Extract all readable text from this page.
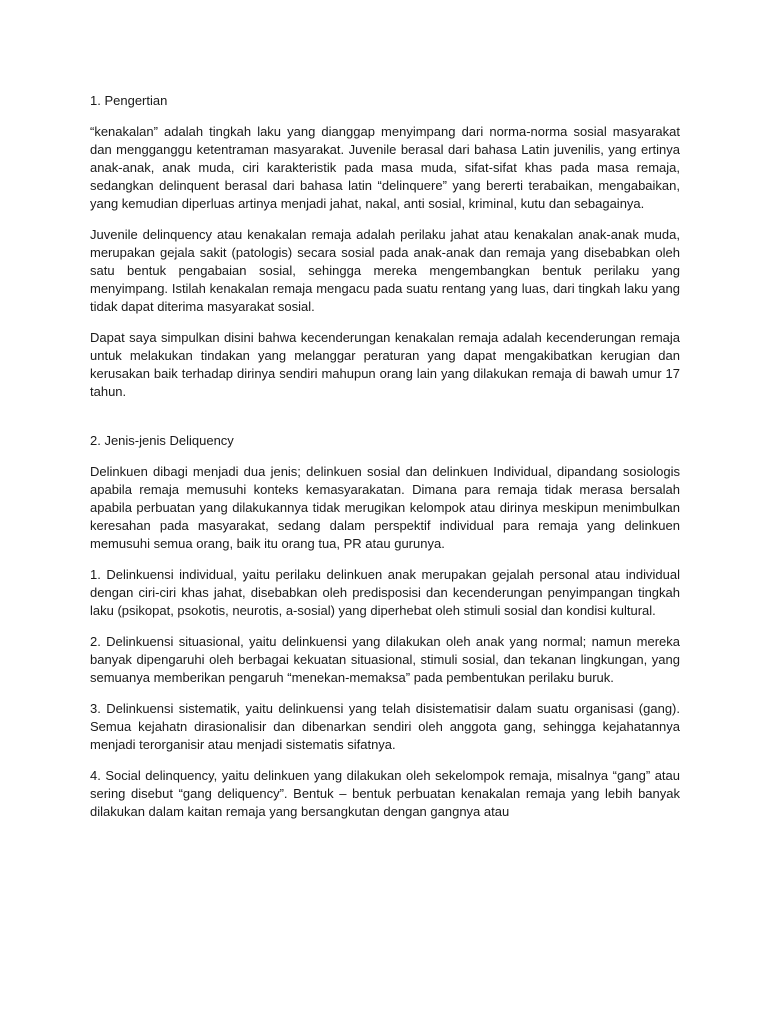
1. Pengertian

“kenakalan” adalah tingkah laku yang dianggap menyimpang dari norma-norma sosial masyarakat dan mengganggu ketentraman masyarakat. Juvenile berasal dari bahasa Latin juvenilis, yang ertinya anak-anak, anak muda, ciri karakteristik pada masa muda, sifat-sifat khas pada masa remaja, sedangkan delinquent berasal dari bahasa latin “delinquere” yang bererti terabaikan, mengabaikan, yang kemudian diperluas artinya menjadi jahat, nakal, anti sosial, kriminal, kutu dan sebagainya.

Juvenile delinquency atau kenakalan remaja adalah perilaku jahat atau kenakalan anak-anak muda, merupakan gejala sakit (patologis) secara sosial pada anak-anak dan remaja yang disebabkan oleh satu bentuk pengabaian sosial, sehingga mereka mengembangkan bentuk perilaku yang menyimpang. Istilah kenakalan remaja mengacu pada suatu rentang yang luas, dari tingkah laku yang tidak dapat diterima masyarakat sosial.

Dapat saya simpulkan disini bahwa kecenderungan kenakalan remaja adalah kecenderungan remaja untuk melakukan tindakan yang melanggar peraturan yang dapat mengakibatkan kerugian dan kerusakan baik terhadap dirinya sendiri mahupun orang lain yang dilakukan remaja di bawah umur 17 tahun.

2. Jenis-jenis Deliquency

Delinkuen dibagi menjadi dua jenis; delinkuen sosial dan delinkuen Individual, dipandang sosiologis apabila remaja memusuhi konteks kemasyarakatan. Dimana para remaja tidak merasa bersalah apabila perbuatan yang dilakukannya tidak merugikan kelompok atau dirinya meskipun menimbulkan keresahan pada masyarakat, sedang dalam perspektif individual para remaja yang delinkuen memusuhi semua orang, baik itu orang tua, PR atau gurunya.

1. Delinkuensi individual, yaitu perilaku delinkuen anak merupakan gejalah personal atau individual dengan ciri-ciri khas jahat, disebabkan oleh predisposisi dan kecenderungan penyimpangan tingkah laku (psikopat, psokotis, neurotis, a-sosial) yang diperhebat oleh stimuli sosial dan kondisi kultural.

2. Delinkuensi situasional, yaitu delinkuensi yang dilakukan oleh anak yang normal; namun mereka banyak dipengaruhi oleh berbagai kekuatan situasional, stimuli sosial, dan tekanan lingkungan, yang semuanya memberikan pengaruh “menekan-memaksa” pada pembentukan perilaku buruk.

3. Delinkuensi sistematik, yaitu delinkuensi yang telah disistematisir dalam suatu organisasi (gang). Semua kejahatn dirasionalisir dan dibenarkan sendiri oleh anggota gang, sehingga kejahatannya menjadi terorganisir atau menjadi sistematis sifatnya.

4. Social delinquency, yaitu delinkuen yang dilakukan oleh sekelompok remaja, misalnya “gang” atau sering disebut “gang deliquency”. Bentuk – bentuk perbuatan kenakalan remaja yang lebih banyak dilakukan dalam kaitan remaja yang bersangkutan dengan gangnya atau
